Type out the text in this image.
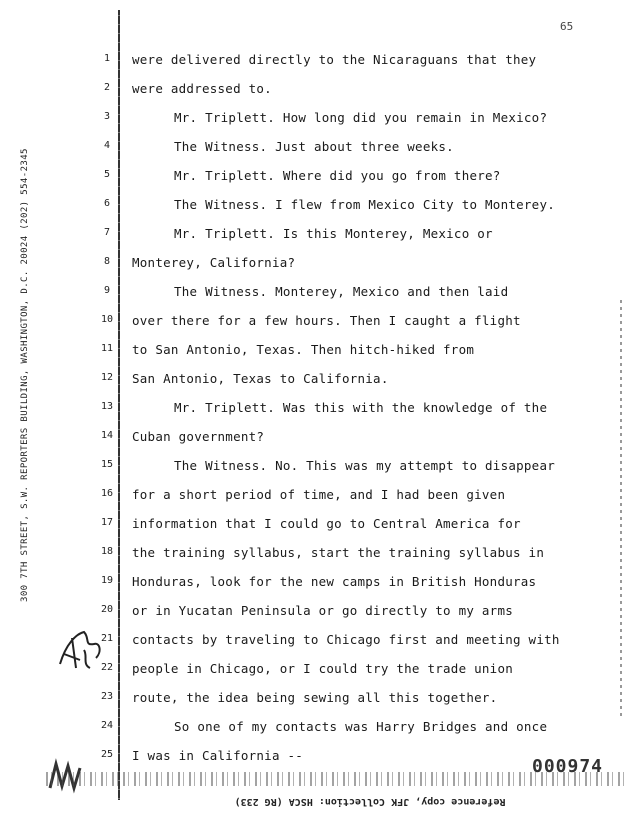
65
300 7TH STREET, S.W. REPORTERS BUILDING, WASHINGTON, D.C. 20024 (202) 554-2345
000974
Reference copy, JFK Collection: HSCA (RG 233)
1
2
3
4
5
6
7
8
9
10
11
12
13
14
15
16
17
18
19
20
21
22
23
24
25
were delivered directly to the Nicaraguans that they
were addressed to.
Mr. Triplett. How long did you remain in Mexico?
The Witness. Just about three weeks.
Mr. Triplett. Where did you go from there?
The Witness. I flew from Mexico City to Monterey.
Mr. Triplett. Is this Monterey, Mexico or
Monterey, California?
The Witness. Monterey, Mexico and then laid
over there for a few hours. Then I caught a flight
to San Antonio, Texas. Then hitch-hiked from
San Antonio, Texas to California.
Mr. Triplett. Was this with the knowledge of the
Cuban government?
The Witness. No. This was my attempt to disappear
for a short period of time, and I had been given
information that I could go to Central America for
the training syllabus, start the training syllabus in
Honduras, look for the new camps in British Honduras
or in Yucatan Peninsula or go directly to my arms
contacts by traveling to Chicago first and meeting with
people in Chicago, or I could try the trade union
route, the idea being sewing all this together.
So one of my contacts was Harry Bridges and once
I was in California --
